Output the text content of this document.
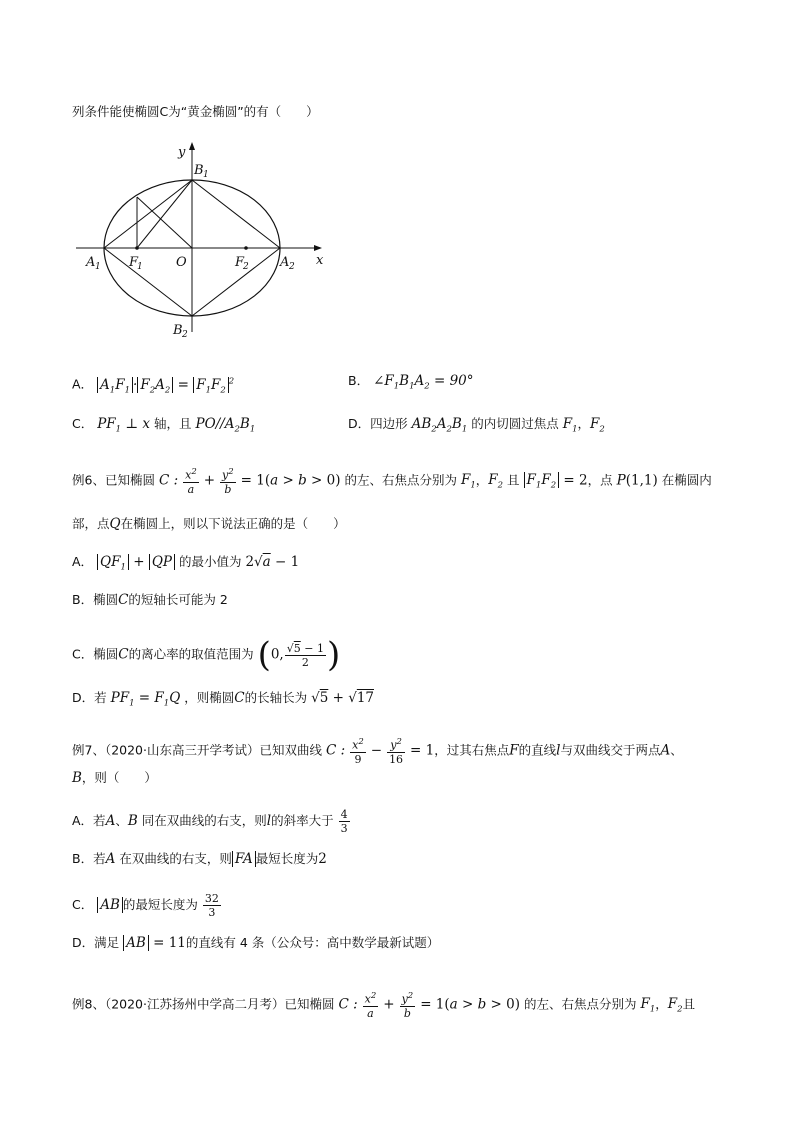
列条件能使椭圆C为“黄金椭圆”的有（　　）
y
x
B 1
B 2
A 1	A 2
F
1	F
2
O
A． $A_1F_1 \cdot F_2A_2 = F_1F_2^2$	B． $\angle F_1B_1A_2 = 90^\circ$
C． $PF_1$ ⊥ x 轴，且 $PO//A_2B_1$	D．四边形 $AB_2A_2B_1$ 的内切圆过焦点 $F_1$，$F_2$
例6、已知椭圆 C : $\frac{x^2}{a} + \frac{y^2}{b} = 1(a > b > 0)$ 的左、右焦点分别为 $F_1$，$F_2$ 且 $F_1F_2 = 2$，点 P(1,1) 在椭圆内
部，点Q在椭圆上，则以下说法正确的是（　　）
A． $QF_1$ + QP 的最小值为 2√a − 1
B．椭圆C的短轴长可能为 2
C．椭圆C的离心率的取值范围为 (0, $\frac{√5 - 1}{2}$ )
D．若 $PF_1 = F_1Q$ ，则椭圆C的长轴长为 √5 + √17
例7、（2020·山东高三开学考试）已知双曲线 C : $\frac{x^2}{9} - \frac{y^2}{16} = 1$，过其右焦点F的直线l与双曲线交于两点A、
B，则（　　）
A．若A、B 同在双曲线的右支，则l的斜率大于 $\frac{4}{3}$
B．若A 在双曲线的右支，则 FA 最短长度为2
C． AB 的最短长度为 $\frac{32}{3}$
D．满足 AB = 11的直线有 4 条（公众号：高中数学最新试题）
例8、（2020·江苏扬州中学高二月考）已知椭圆 C : $\frac{x^2}{a} + \frac{y^2}{b} = 1(a > b > 0)$ 的左、右焦点分别为 $F_1$，$F_2$且
